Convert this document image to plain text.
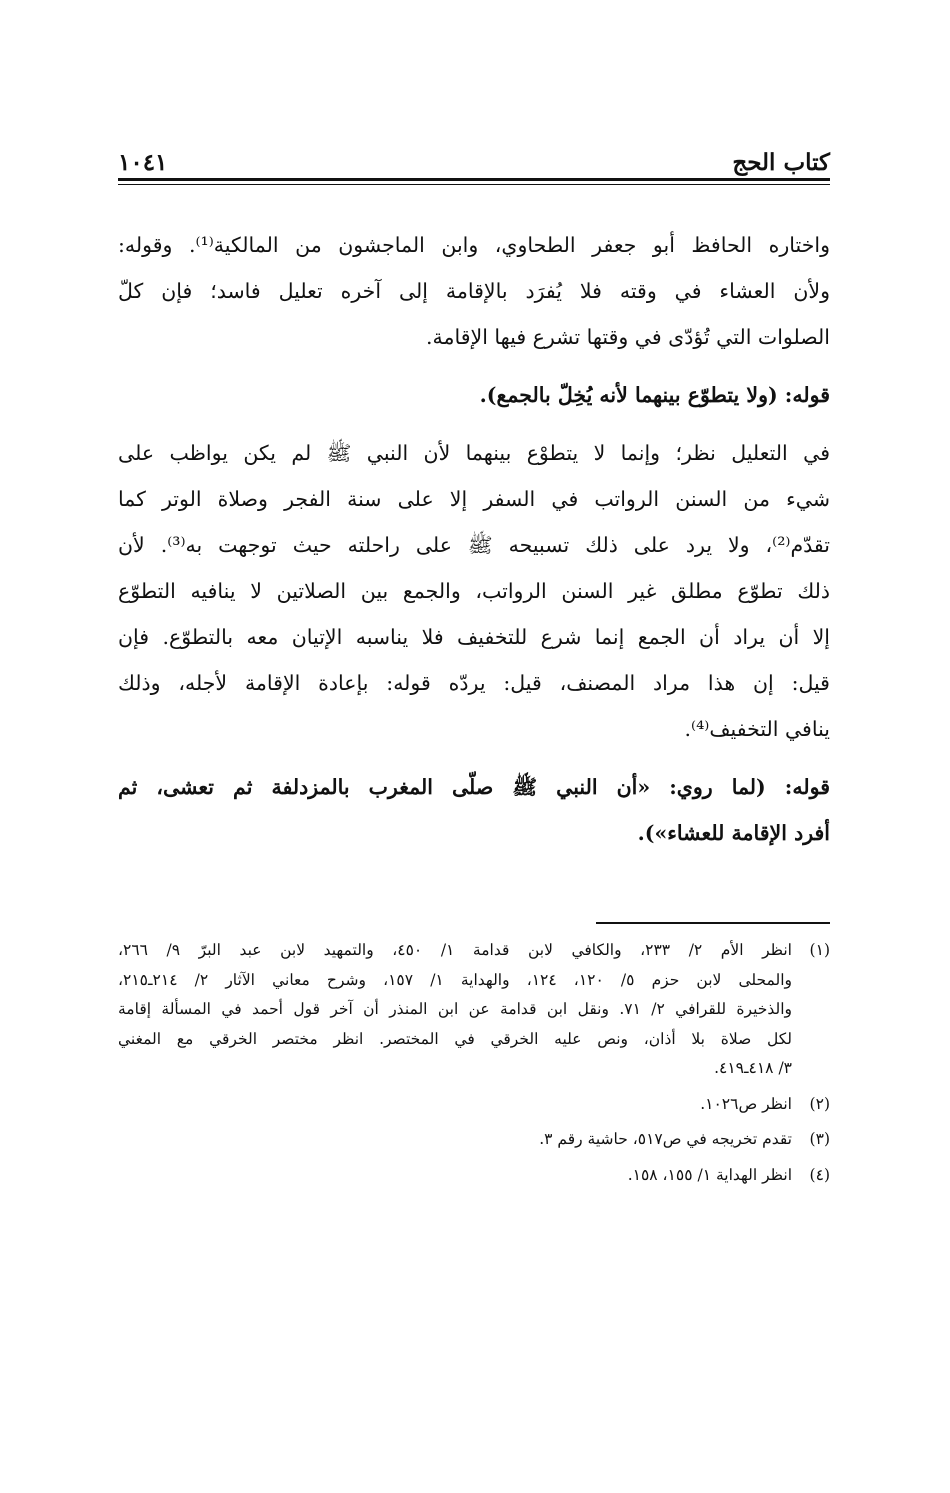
كتاب الحج
١٠٤١
واختاره الحافظ أبو جعفر الطحاوي، وابن الماجشون من المالكية⁽¹⁾. وقوله:
ولأن العشاء في وقته فلا يُفرَد بالإقامة إلى آخره تعليل فاسد؛ فإن كلّ
الصلوات التي تُؤدّى في وقتها تشرع فيها الإقامة.
قوله: (ولا يتطوّع بينهما لأنه يُخِلّ بالجمع).
في التعليل نظر؛ وإنما لا يتطوْع بينهما لأن النبي ﷺ لم يكن يواظب على
شيء من السنن الرواتب في السفر إلا على سنة الفجر وصلاة الوتر كما
تقدّم⁽²⁾، ولا يرد على ذلك تسبيحه ﷺ على راحلته حيث توجهت به⁽³⁾. لأن
ذلك تطوّع مطلق غير السنن الرواتب، والجمع بين الصلاتين لا ينافيه التطوّع
إلا أن يراد أن الجمع إنما شرع للتخفيف فلا يناسبه الإتيان معه بالتطوّع. فإن
قيل: إن هذا مراد المصنف، قيل: يردّه قوله: بإعادة الإقامة لأجله، وذلك
ينافي التخفيف⁽⁴⁾.
قوله: (لما روي: «أن النبي ﷺ صلّى المغرب بالمزدلفة ثم تعشى، ثم
أفرد الإقامة للعشاء»).
(١)
انظر الأم ٢/ ٢٣٣، والكافي لابن قدامة ١/ ٤٥٠، والتمهيد لابن عبد البرّ ٩/ ٢٦٦،
والمحلى لابن حزم ٥/ ١٢٠، ١٢٤، والهداية ١/ ١٥٧، وشرح معاني الآثار ٢/ ٢١٤ـ٢١٥،
والذخيرة للقرافي ٢/ ٧١. ونقل ابن قدامة عن ابن المنذر أن آخر قول أحمد في المسألة إقامة
لكل صلاة بلا أذان، ونص عليه الخرقي في المختصر. انظر مختصر الخرقي مع المغني
٣/ ٤١٨ـ٤١٩.
(٢)
انظر ص١٠٢٦.
(٣)
تقدم تخريجه في ص٥١٧، حاشية رقم ٣.
(٤)
انظر الهداية ١/ ١٥٥، ١٥٨.
